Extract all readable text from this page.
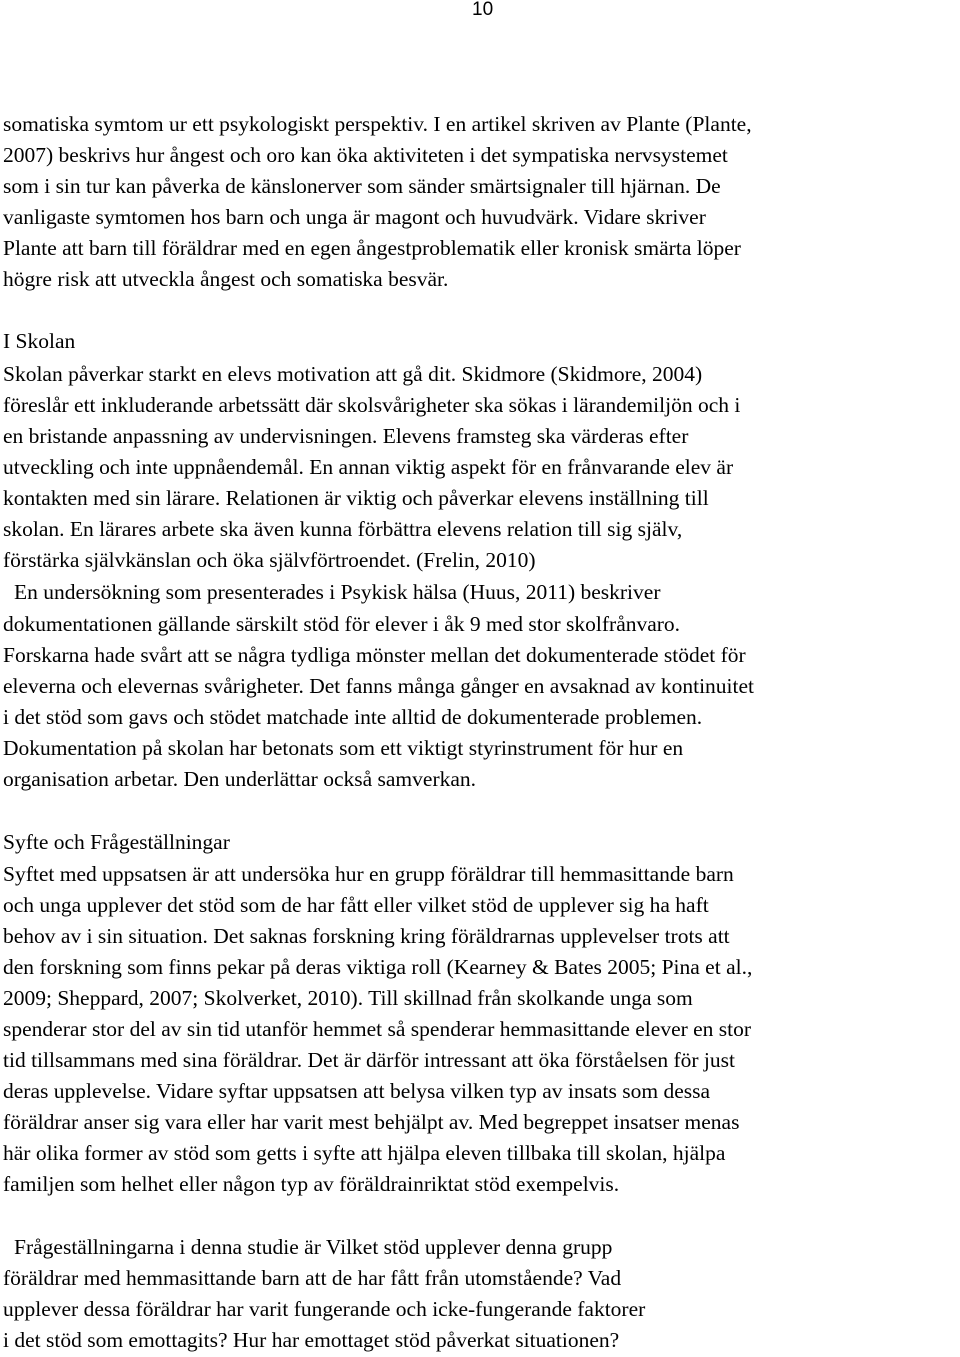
10
somatiska symtom ur ett psykologiskt perspektiv. I en artikel skriven av Plante (Plante,
2007) beskrivs hur ångest och oro kan öka aktiviteten i det sympatiska nervsystemet
som i sin tur kan påverka de känslonerver som sänder smärtsignaler till hjärnan. De
vanligaste symtomen hos barn och unga är magont och huvudvärk. Vidare skriver
Plante att barn till föräldrar med en egen ångestproblematik eller kronisk smärta löper
högre risk att utveckla ångest och somatiska besvär.
I Skolan
Skolan påverkar starkt en elevs motivation att gå dit. Skidmore (Skidmore, 2004)
föreslår ett inkluderande arbetssätt där skolsvårigheter ska sökas i lärandemiljön och i
en bristande anpassning av undervisningen. Elevens framsteg ska värderas efter
utveckling och inte uppnåendemål. En annan viktig aspekt för en frånvarande elev är
kontakten med sin lärare. Relationen är viktig och påverkar elevens inställning till
skolan. En lärares arbete ska även kunna förbättra elevens relation till sig själv,
förstärka självkänslan och öka självförtroendet. (Frelin, 2010)
En undersökning som presenterades i Psykisk hälsa (Huus, 2011) beskriver
dokumentationen gällande särskilt stöd för elever i åk 9 med stor skolfrånvaro.
Forskarna hade svårt att se några tydliga mönster mellan det dokumenterade stödet för
eleverna och elevernas svårigheter. Det fanns många gånger en avsaknad av kontinuitet
i det stöd som gavs och stödet matchade inte alltid de dokumenterade problemen.
Dokumentation på skolan har betonats som ett viktigt styrinstrument för hur en
organisation arbetar. Den underlättar också samverkan.
Syfte och Frågeställningar
Syftet med uppsatsen är att undersöka hur en grupp föräldrar till hemmasittande barn
och unga upplever det stöd som de har fått eller vilket stöd de upplever sig ha haft
behov av i sin situation. Det saknas forskning kring föräldrarnas upplevelser trots att
den forskning som finns pekar på deras viktiga roll (Kearney & Bates 2005; Pina et al.,
2009; Sheppard, 2007; Skolverket, 2010). Till skillnad från skolkande unga som
spenderar stor del av sin tid utanför hemmet så spenderar hemmasittande elever en stor
tid tillsammans med sina föräldrar. Det är därför intressant att öka förståelsen för just
deras upplevelse. Vidare syftar uppsatsen att belysa vilken typ av insats som dessa
föräldrar anser sig vara eller har varit mest behjälpt av. Med begreppet insatser menas
här olika former av stöd som getts i syfte att hjälpa eleven tillbaka till skolan, hjälpa
familjen som helhet eller någon typ av föräldrainriktat stöd exempelvis.
Frågeställningarna i denna studie är Vilket stöd upplever denna grupp
föräldrar med hemmasittande barn att de har fått från utomstående? Vad
upplever dessa föräldrar har varit fungerande och icke-fungerande faktorer
i det stöd som emottagits? Hur har emottaget stöd påverkat situationen?
